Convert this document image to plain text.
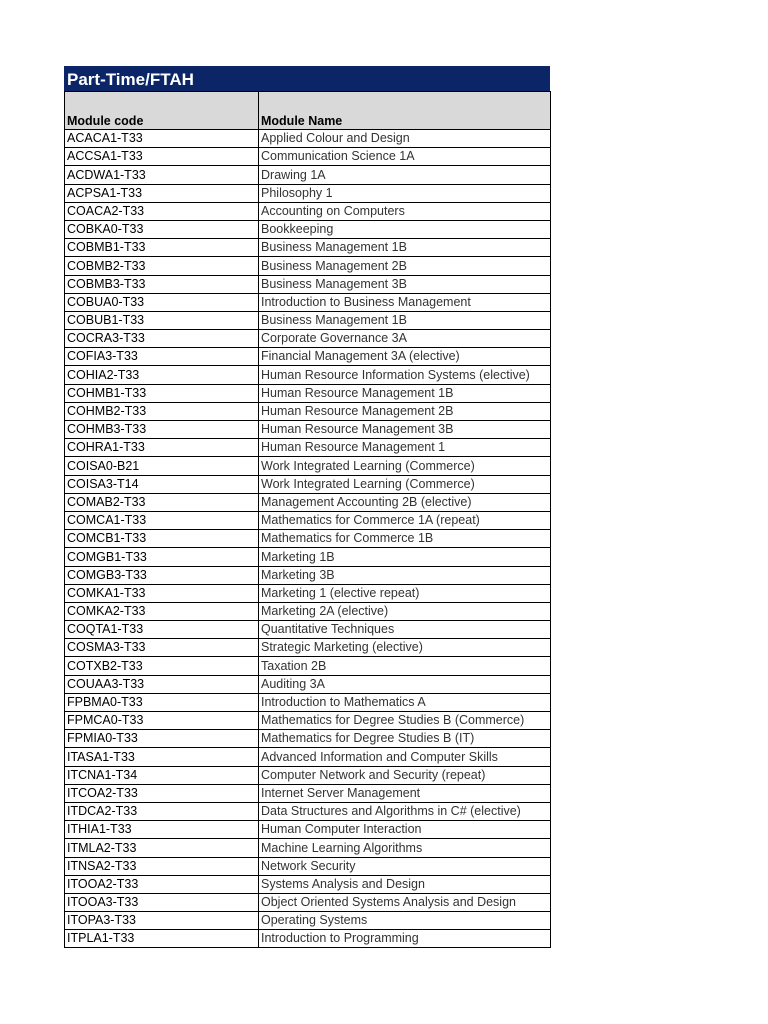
Part-Time/FTAH
Module code	Module Name
ACACA1-T33	Applied Colour and Design
ACCSA1-T33	Communication Science 1A
ACDWA1-T33	Drawing 1A
ACPSA1-T33	Philosophy 1
COACA2-T33	Accounting on Computers
COBKA0-T33	Bookkeeping
COBMB1-T33	Business Management 1B
COBMB2-T33	Business Management 2B
COBMB3-T33	Business Management 3B
COBUA0-T33	Introduction to Business Management
COBUB1-T33	Business Management 1B
COCRA3-T33	Corporate Governance 3A
COFIA3-T33	Financial Management 3A (elective)
COHIA2-T33	Human Resource Information Systems (elective)
COHMB1-T33	Human Resource Management 1B
COHMB2-T33	Human Resource Management 2B
COHMB3-T33	Human Resource Management 3B
COHRA1-T33	Human Resource Management 1
COISA0-B21	Work Integrated Learning (Commerce)
COISA3-T14	Work Integrated Learning (Commerce)
COMAB2-T33	Management Accounting 2B (elective)
COMCA1-T33	Mathematics for Commerce 1A (repeat)
COMCB1-T33	Mathematics for Commerce 1B
COMGB1-T33	Marketing 1B
COMGB3-T33	Marketing 3B
COMKA1-T33	Marketing 1 (elective repeat)
COMKA2-T33	Marketing 2A (elective)
COQTA1-T33	Quantitative Techniques
COSMA3-T33	Strategic Marketing (elective)
COTXB2-T33	Taxation 2B
COUAA3-T33	Auditing 3A
FPBMA0-T33	Introduction to Mathematics A
FPMCA0-T33	Mathematics for Degree Studies B (Commerce)
FPMIA0-T33	Mathematics for Degree Studies B (IT)
ITASA1-T33	Advanced Information and Computer Skills
ITCNA1-T34	Computer Network and Security (repeat)
ITCOA2-T33	Internet Server Management
ITDCA2-T33	Data Structures and Algorithms in C# (elective)
ITHIA1-T33	Human Computer Interaction
ITMLA2-T33	Machine Learning Algorithms
ITNSA2-T33	Network Security
ITOOA2-T33	Systems Analysis and Design
ITOOA3-T33	Object Oriented Systems Analysis and Design
ITOPA3-T33	Operating Systems
ITPLA1-T33	Introduction to Programming
